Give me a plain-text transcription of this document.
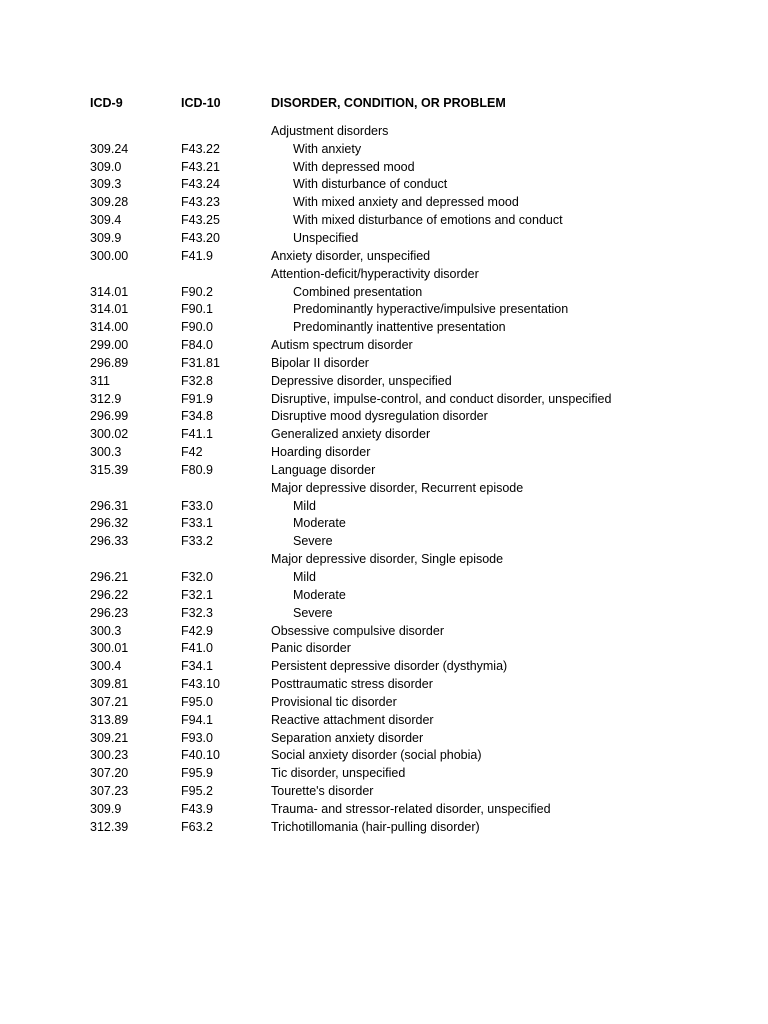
ICD-9	ICD-10	DISORDER, CONDITION, OR PROBLEM
Adjustment disorders
309.24	F43.22	With anxiety
309.0	F43.21	With depressed mood
309.3	F43.24	With disturbance of conduct
309.28	F43.23	With mixed anxiety and depressed mood
309.4	F43.25	With mixed disturbance of emotions and conduct
309.9	F43.20	Unspecified
300.00	F41.9	Anxiety disorder, unspecified
Attention-deficit/hyperactivity disorder
314.01	F90.2	Combined presentation
314.01	F90.1	Predominantly hyperactive/impulsive presentation
314.00	F90.0	Predominantly inattentive presentation
299.00	F84.0	Autism spectrum disorder
296.89	F31.81	Bipolar II disorder
311	F32.8	Depressive disorder, unspecified
312.9	F91.9	Disruptive, impulse-control, and conduct disorder, unspecified
296.99	F34.8	Disruptive mood dysregulation disorder
300.02	F41.1	Generalized anxiety disorder
300.3	F42	Hoarding disorder
315.39	F80.9	Language disorder
Major depressive disorder, Recurrent episode
296.31	F33.0	Mild
296.32	F33.1	Moderate
296.33	F33.2	Severe
Major depressive disorder, Single episode
296.21	F32.0	Mild
296.22	F32.1	Moderate
296.23	F32.3	Severe
300.3	F42.9	Obsessive compulsive disorder
300.01	F41.0	Panic disorder
300.4	F34.1	Persistent depressive disorder (dysthymia)
309.81	F43.10	Posttraumatic stress disorder
307.21	F95.0	Provisional tic disorder
313.89	F94.1	Reactive attachment disorder
309.21	F93.0	Separation anxiety disorder
300.23	F40.10	Social anxiety disorder (social phobia)
307.20	F95.9	Tic disorder, unspecified
307.23	F95.2	Tourette's disorder
309.9	F43.9	Trauma- and stressor-related disorder, unspecified
312.39	F63.2	Trichotillomania (hair-pulling disorder)
